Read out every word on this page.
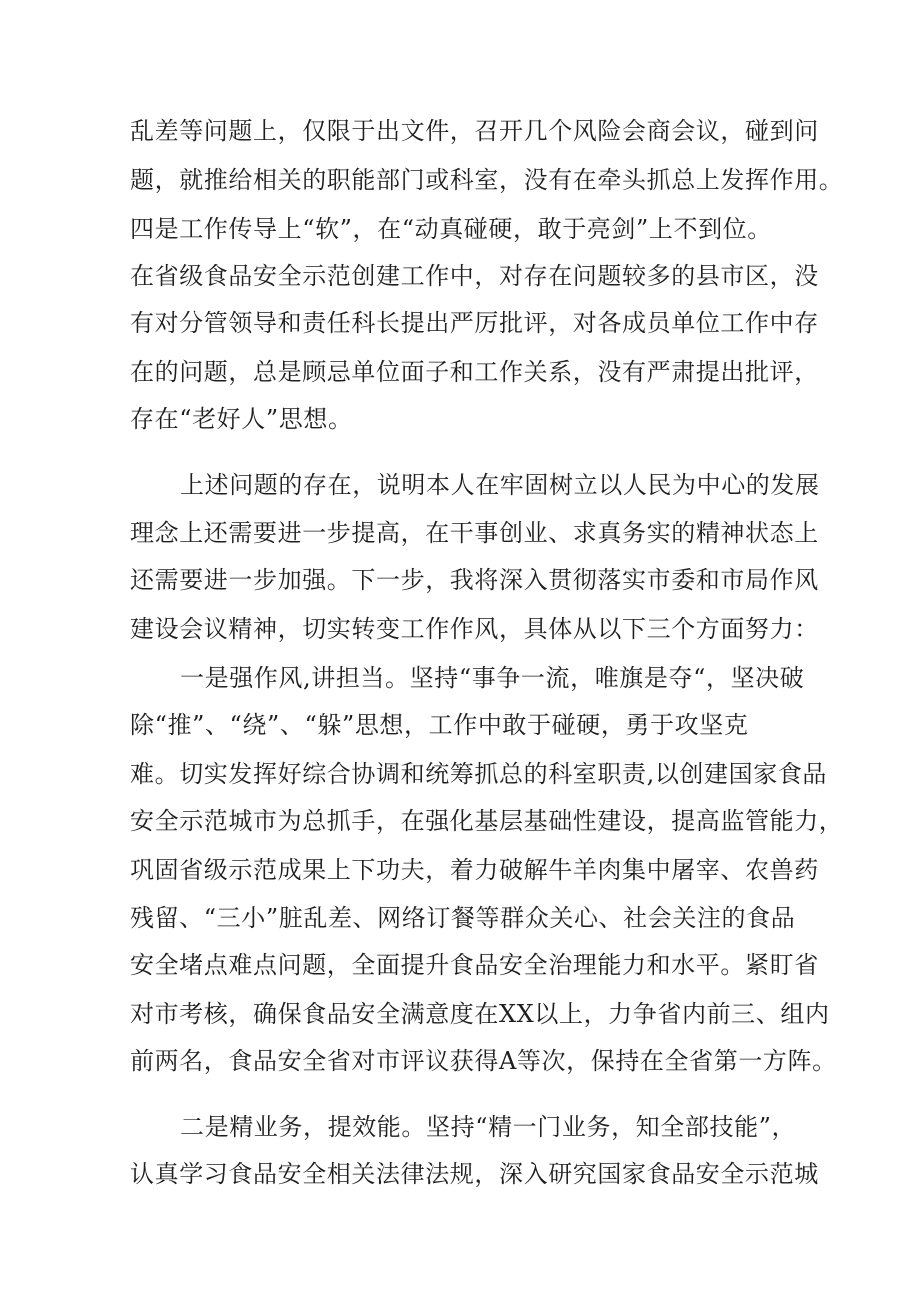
乱差等问题上，仅限于出文件，召开几个风险会商会议，碰到问

题，就推给相关的职能部门或科室，没有在牵头抓总上发挥作用。

四是工作传导上“软”，在“动真碰硬，敢于亮剑”上不到位。

在省级食品安全示范创建工作中，对存在问题较多的县市区，没

有对分管领导和责任科长提出严厉批评，对各成员单位工作中存

在的问题，总是顾忌单位面子和工作关系，没有严肃提出批评，

存在“老好人”思想。

上述问题的存在，说明本人在牢固树立以人民为中心的发展

理念上还需要进一步提高，在干事创业、求真务实的精神状态上

还需要进一步加强。下一步，我将深入贯彻落实市委和市局作风

建设会议精神，切实转变工作作风，具体从以下三个方面努力：

一是强作风,讲担当。坚持“事争一流，唯旗是夺“，坚决破

除“推”、“绕”、“躲”思想，工作中敢于碰硬，勇于攻坚克

难。切实发挥好综合协调和统筹抓总的科室职责,以创建国家食品

安全示范城市为总抓手，在强化基层基础性建设，提高监管能力，

巩固省级示范成果上下功夫，着力破解牛羊肉集中屠宰、农兽药

残留、“三小”脏乱差、网络订餐等群众关心、社会关注的食品

安全堵点难点问题，全面提升食品安全治理能力和水平。紧盯省

对市考核，确保食品安全满意度在XX以上，力争省内前三、组内

前两名，食品安全省对市评议获得A等次，保持在全省第一方阵。

二是精业务，提效能。坚持“精一门业务，知全部技能”，

认真学习食品安全相关法律法规，深入研究国家食品安全示范城
